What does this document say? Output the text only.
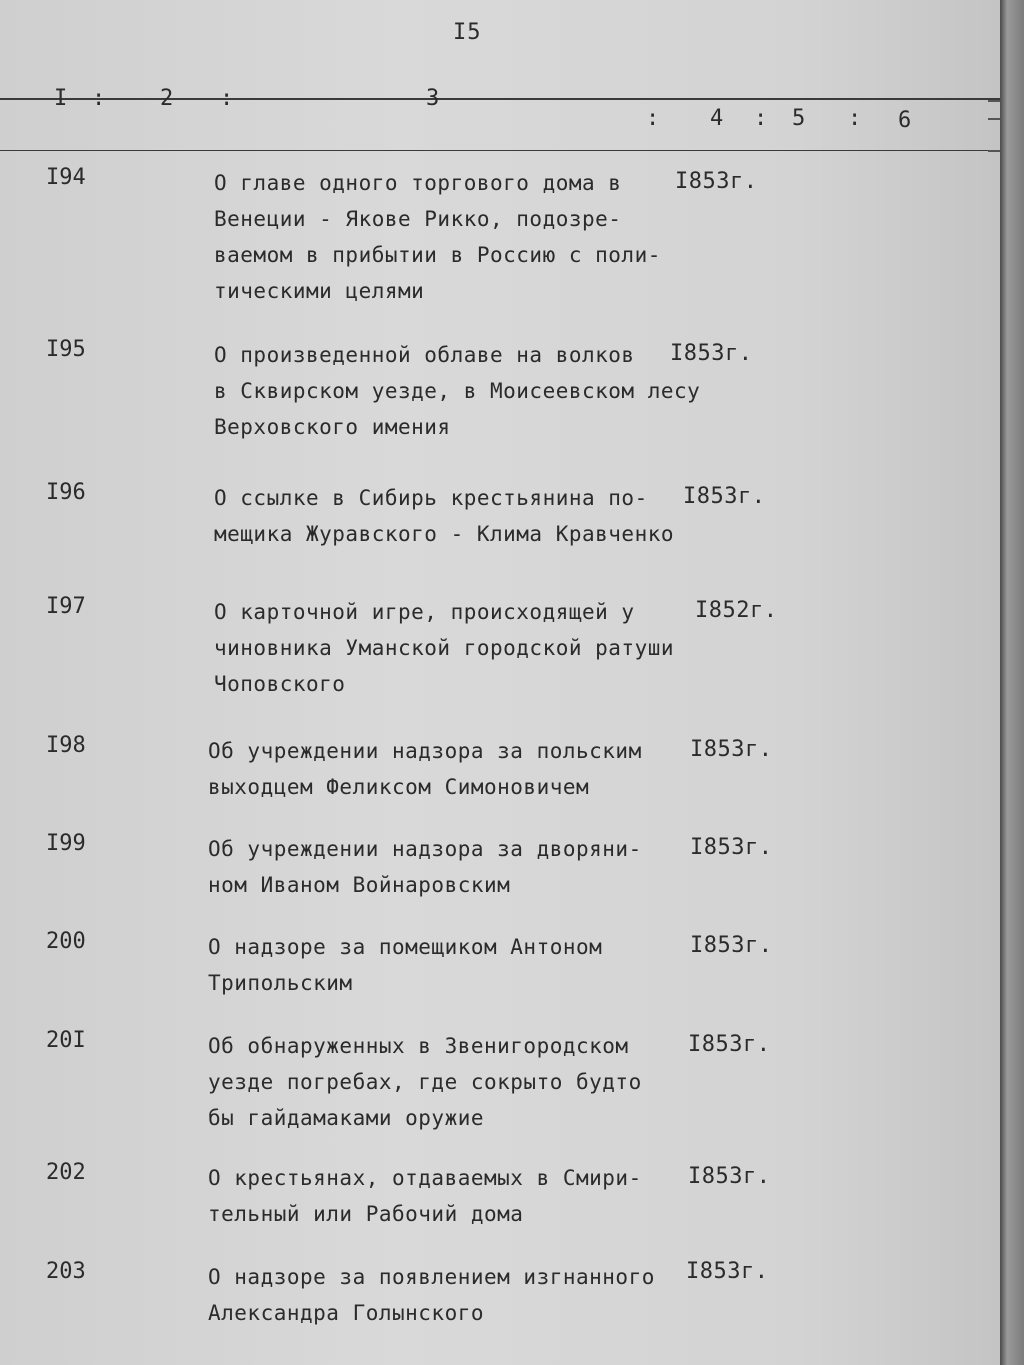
I5
I : 2 :	3
: 4 : 5 : 6
I94	О главе одного торгового дома в
Венеции - Якове Рикко, подозре-
ваемом в прибытии в Россию с поли-
тическими целями
I853г.
I95	О произведенной облаве на волков
в Сквирском уезде, в Моисеевском лесу
Верховского имения
I853г.
I96	О ссылке в Сибирь крестьянина по-
мещика Журавского - Клима Кравченко
I853г.
I97	О карточной игре, происходящей у
чиновника Уманской городской ратуши
Чоповского
I852г.
I98	Об учреждении надзора за польским
выходцем Феликсом Симоновичем
I853г.
I99	Об учреждении надзора за дворяни-
ном Иваном Войнаровским
I853г.
200	О надзоре за помещиком Антоном
Трипольским
I853г.
20I	Об обнаруженных в Звенигородском
уезде погребах, где сокрыто будто
бы гайдамаками оружие
I853г.
202	О крестьянах, отдаваемых в Смири-
тельный или Рабочий дома
I853г.
203	О надзоре за появлением изгнанного
Александра Голынского
I853г.
